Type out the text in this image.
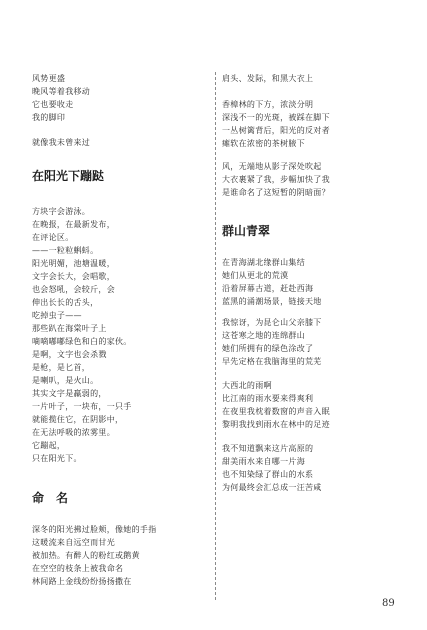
风势更盛
晚风等着我移动
它也要收走
我的脚印
就像我未曾来过
在阳光下蹦跶
方块字会游泳。
在晚报，在最新发布，
在评论区。
——一粒粒蝌蚪。
阳光明媚，池塘温暖，
文字会长大，会唱歌，
也会怒吼，会较斤，会
伸出长长的舌头，
吃掉虫子——
那些趴在海棠叶子上
嘀嘀嘟嘟绿色和白的家伙。
是啊，文字也会杀戮
是枪，是匕首，
是喇叭，是火山。
其实文字是羸弱的，
一片叶子，一块布，一只手
就能揽住它，在阴影中，
在无法呼吸的浓雾里。
它蹦起，
只在阳光下。
命　名
深冬的阳光拂过脸颊，像她的手指
这暖流来自远空而甘光
被加热。有醉人的粉红或鹅黄
在空空的枝条上被我命名
林间路上金线纷纷扬扬撒在
肩头、发际，和黑大衣上
香樟林的下方，浓淡分明
深浅不一的光斑，被踩在脚下
一丛树篱背后，阳光的反对者
瘫软在浓密的茶树腋下
风，无端地从影子深处吹起
大衣裹紧了我，步幅加快了我
是谁命名了这短暂的阴暗面？
群山青翠
在青海湖北缘群山集结
她们从更北的荒漠
沿着屏幕古道，赶赴西海
蓝黑的涌潮场景，链接天地
我惊讶，为昆仑山父亲膝下
这苍寒之地的连绵群山
她们所拥有的绿色涂改了
早先定格在我脑海里的荒芜
大西北的雨啊
比江南的雨水要来得爽利
在夜里我枕着数窗的声音入眠
黎明我找到雨水在林中的足迹
我不知道飘来这片高原的
甜美雨水来自哪一片海
也不知染绿了群山的水系
为何最终会汇总成一汪苦咸
89
